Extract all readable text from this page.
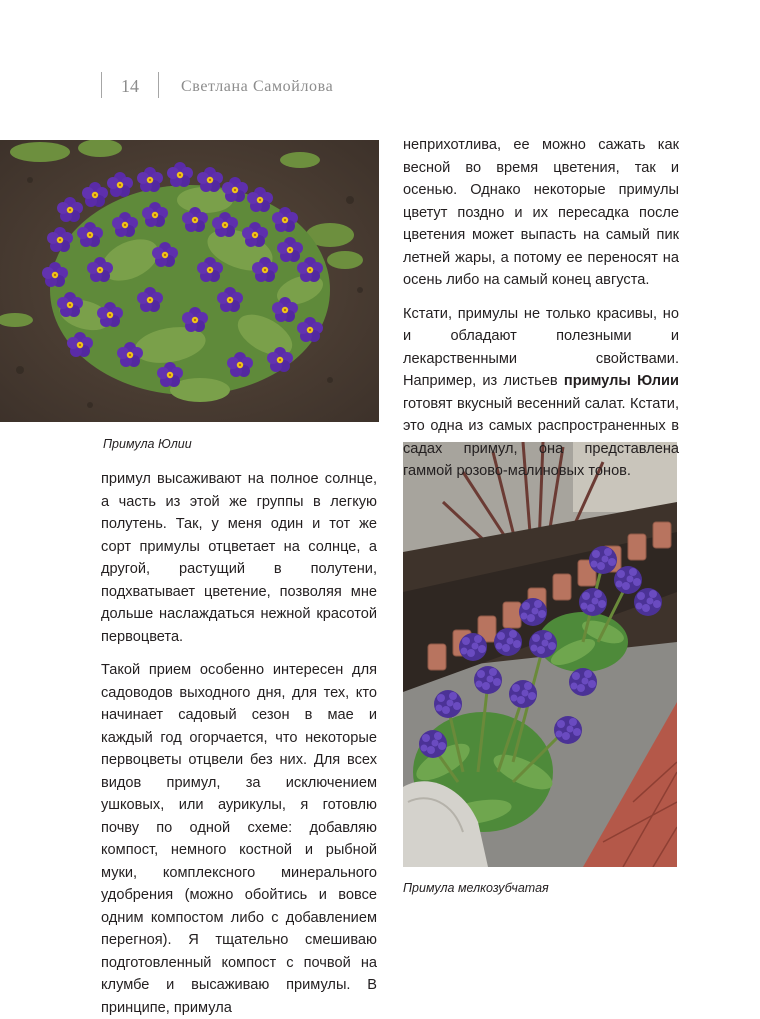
14	Светлана Самойлова
Примула Юлии
Примула мелкозубчатая

неприхотлива, ее можно сажать как весной во время цветения, так и осенью. Однако некоторые примулы цветут поздно и их пересадка после цветения может выпасть на самый пик летней жары, а потому ее переносят на осень либо на самый конец августа.

Кстати, примулы не только красивы, но и обладают полезными и лекарственными свойствами. Например, из листьев примулы Юлии готовят вкусный весенний салат. Кстати, это одна из самых распространенных в садах примул, она представлена гаммой розово-малиновых тонов.

примул высаживают на полное солнце, а часть из этой же группы в легкую полутень. Так, у меня один и тот же сорт примулы отцветает на солнце, а другой, растущий в полутени, подхватывает цветение, позволяя мне дольше наслаждаться нежной красотой первоцвета.

Такой прием особенно интересен для садоводов выходного дня, для тех, кто начинает садовый сезон в мае и каждый год огорчается, что некоторые первоцветы отцвели без них. Для всех видов примул, за исключением ушковых, или аурикулы, я готовлю почву по одной схеме: добавляю компост, немного костной и рыбной муки, комплексного минерального удобрения (можно обойтись и вовсе одним компостом либо с добавлением перегноя). Я тщательно смешиваю подготовленный компост с почвой на клумбе и высаживаю примулы. В принципе, примула
